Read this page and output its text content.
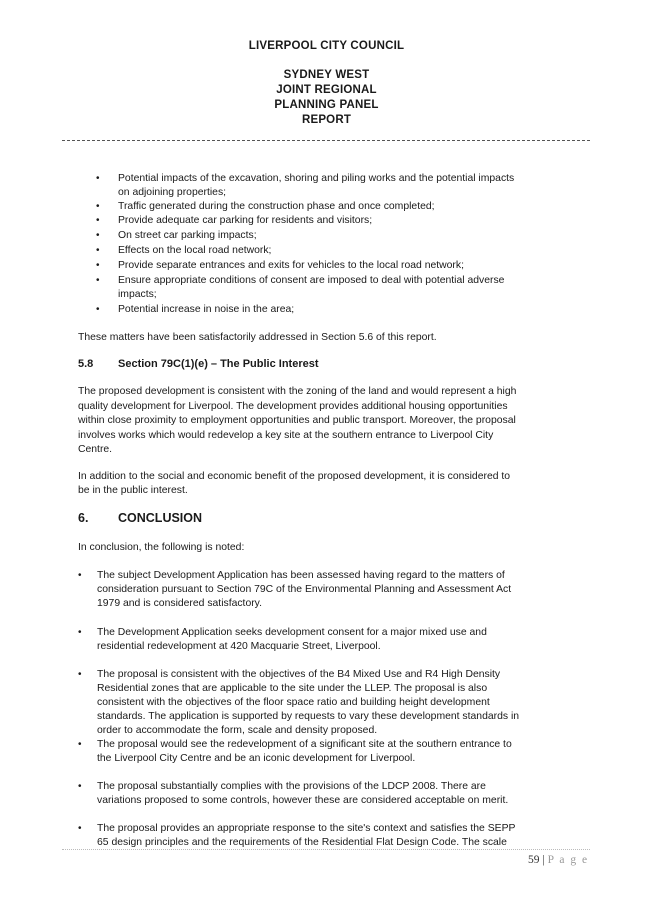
LIVERPOOL CITY COUNCIL
SYDNEY WEST
JOINT REGIONAL
PLANNING PANEL
REPORT
• Potential impacts of the excavation, shoring and piling works and the potential impacts
on adjoining properties;
• Traffic generated during the construction phase and once completed;
• Provide adequate car parking for residents and visitors;
• On street car parking impacts;
• Effects on the local road network;
• Provide separate entrances and exits for vehicles to the local road network;
• Ensure appropriate conditions of consent are imposed to deal with potential adverse
impacts;
• Potential increase in noise in the area;
These matters have been satisfactorily addressed in Section 5.6 of this report.
5.8 Section 79C(1)(e) – The Public Interest
The proposed development is consistent with the zoning of the land and would represent a high
quality development for Liverpool. The development provides additional housing opportunities
within close proximity to employment opportunities and public transport. Moreover, the proposal
involves works which would redevelop a key site at the southern entrance to Liverpool City
Centre.
In addition to the social and economic benefit of the proposed development, it is considered to
be in the public interest.
6. CONCLUSION
In conclusion, the following is noted:
• The subject Development Application has been assessed having regard to the matters of
consideration pursuant to Section 79C of the Environmental Planning and Assessment Act
1979 and is considered satisfactory.
• The Development Application seeks development consent for a major mixed use and
residential redevelopment at 420 Macquarie Street, Liverpool.
• The proposal is consistent with the objectives of the B4 Mixed Use and R4 High Density
Residential zones that are applicable to the site under the LLEP. The proposal is also
consistent with the objectives of the floor space ratio and building height development
standards. The application is supported by requests to vary these development standards in
order to accommodate the form, scale and density proposed.
• The proposal would see the redevelopment of a significant site at the southern entrance to
the Liverpool City Centre and be an iconic development for Liverpool.
• The proposal substantially complies with the provisions of the LDCP 2008. There are
variations proposed to some controls, however these are considered acceptable on merit.
• The proposal provides an appropriate response to the site's context and satisfies the SEPP
65 design principles and the requirements of the Residential Flat Design Code. The scale
59 | P a g e
